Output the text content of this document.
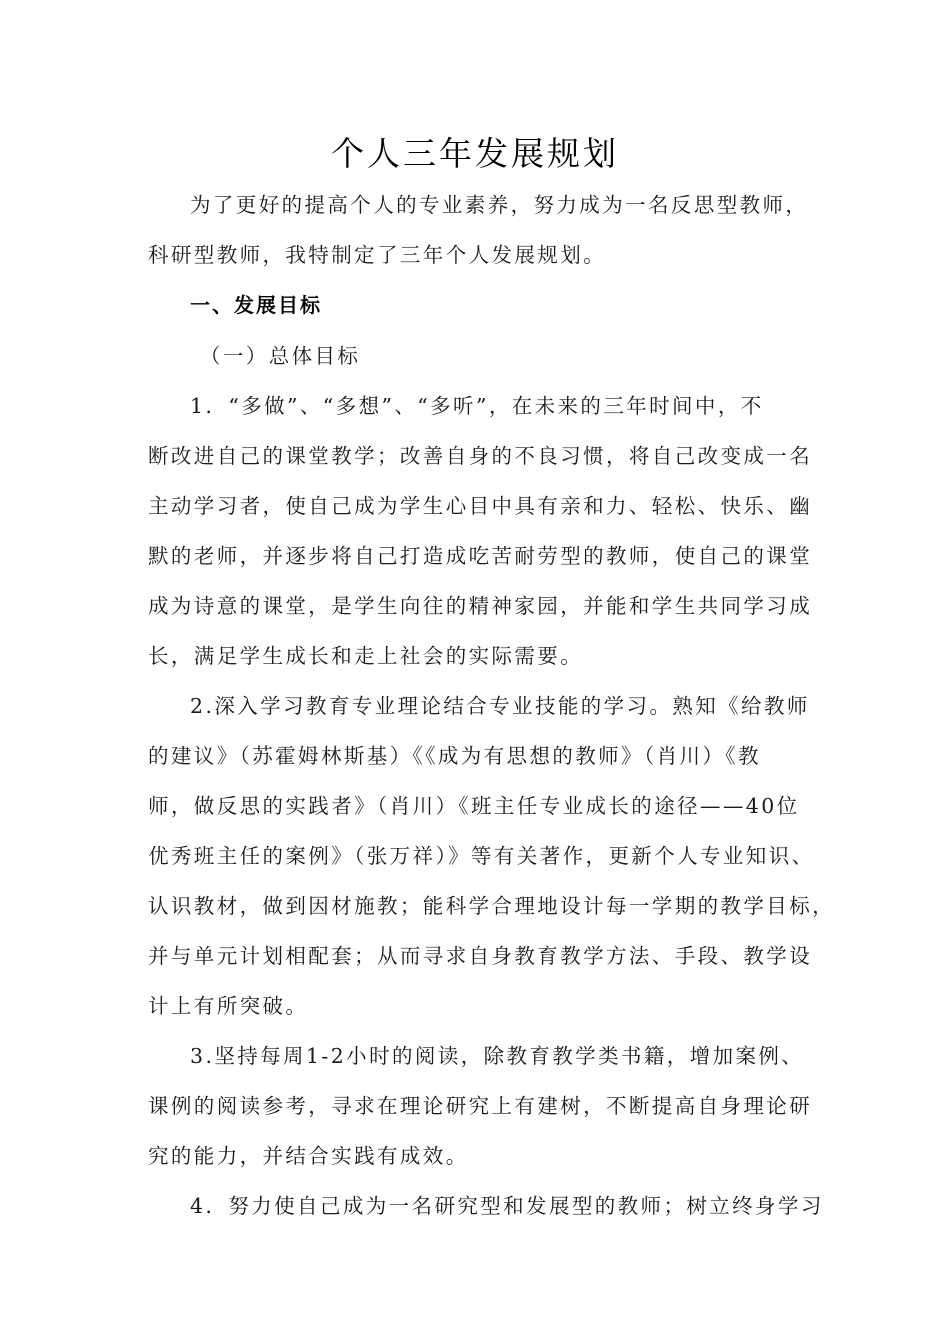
个人三年发展规划
为了更好的提高个人的专业素养，努力成为一名反思型教师，
科研型教师，我特制定了三年个人发展规划。
一、发展目标
（一）总体目标
1．“多做”、“多想”、“多听”，在未来的三年时间中，不
断改进自己的课堂教学；改善自身的不良习惯，将自己改变成一名
主动学习者，使自己成为学生心目中具有亲和力、轻松、快乐、幽
默的老师，并逐步将自己打造成吃苦耐劳型的教师，使自己的课堂
成为诗意的课堂，是学生向往的精神家园，并能和学生共同学习成
长，满足学生成长和走上社会的实际需要。
2.深入学习教育专业理论结合专业技能的学习。熟知《给教师
的建议》（苏霍姆林斯基）《《成为有思想的教师》（肖川）《教
师，做反思的实践者》（肖川）《班主任专业成长的途径——40位
优秀班主任的案例》（张万祥）》等有关著作，更新个人专业知识、
认识教材，做到因材施教；能科学合理地设计每一学期的教学目标，
并与单元计划相配套；从而寻求自身教育教学方法、手段、教学设
计上有所突破。
3.坚持每周1-2小时的阅读，除教育教学类书籍，增加案例、
课例的阅读参考，寻求在理论研究上有建树，不断提高自身理论研
究的能力，并结合实践有成效。
4．努力使自己成为一名研究型和发展型的教师；树立终身学习
